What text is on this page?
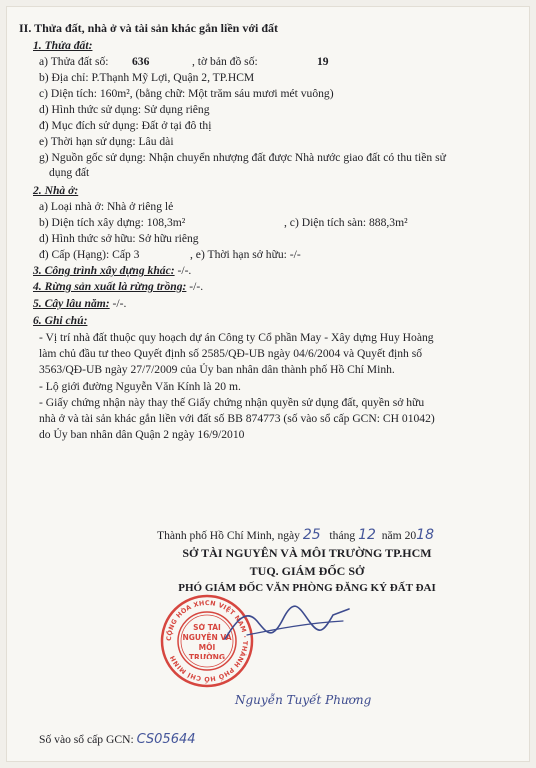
II. Thửa đất, nhà ở và tài sản khác gắn liền với đất
1. Thửa đất:
a) Thửa đất số: 636	, tờ bản đồ số:	19
b) Địa chỉ: P.Thạnh Mỹ Lợi, Quận 2, TP.HCM
c) Diện tích: 160m², (bằng chữ: Một trăm sáu mươi mét vuông)
d) Hình thức sử dụng: Sử dụng riêng
đ) Mục đích sử dụng: Đất ở tại đô thị
e) Thời hạn sử dụng: Lâu dài
g) Nguồn gốc sử dụng: Nhận chuyển nhượng đất được Nhà nước giao đất có thu tiền sử
dụng đất
2. Nhà ở:
a) Loại nhà ở: Nhà ở riêng lẻ
b) Diện tích xây dựng: 108,3m²	, c) Diện tích sàn: 888,3m²
d) Hình thức sở hữu: Sở hữu riêng
đ) Cấp (Hạng): Cấp 3	, e) Thời hạn sở hữu: -/-
3. Công trình xây dựng khác: -/-.
4. Rừng sản xuất là rừng trồng: -/-.
5. Cây lâu năm: -/-.
6. Ghi chú:
- Vị trí nhà đất thuộc quy hoạch dự án Công ty Cổ phần May - Xây dựng Huy Hoàng
làm chủ đầu tư theo Quyết định số 2585/QĐ-UB ngày 04/6/2004 và Quyết định số
3563/QĐ-UB ngày 27/7/2009 của Ủy ban nhân dân thành phố Hồ Chí Minh.
- Lộ giới đường Nguyễn Văn Kính là 20 m.
- Giấy chứng nhận này thay thế Giấy chứng nhận quyền sử dụng đất, quyền sở hữu
nhà ở và tài sản khác gắn liền với đất số BB 874773 (số vào sổ cấp GCN: CH 01042)
do Ủy ban nhân dân Quận 2 ngày 16/9/2010
Thành phố Hồ Chí Minh, ngày 25 tháng 12 năm 2018
SỞ TÀI NGUYÊN VÀ MÔI TRƯỜNG TP.HCM
TUQ. GIÁM ĐỐC SỞ
PHÓ GIÁM ĐỐC VĂN PHÒNG ĐĂNG KÝ ĐẤT ĐAI
CỘNG HÒA XHCN VIỆT NAM · THÀNH PHỐ HỒ CHÍ MINH
SỞ TÀI NGUYÊN VÀ MÔI TRƯỜNG
Nguyễn Tuyết Phương
Số vào sổ cấp GCN: CS05644
